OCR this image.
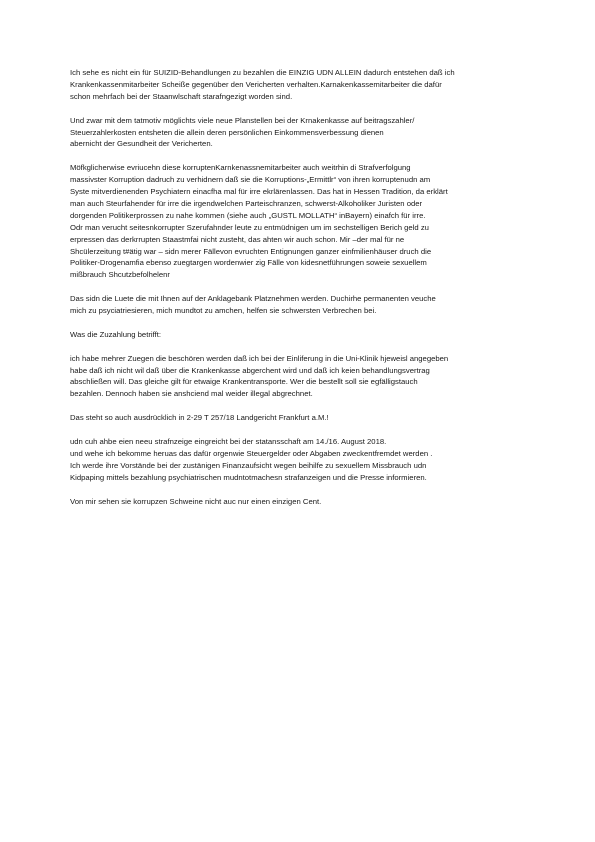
Ich sehe es nicht ein für SUIZID-Behandlungen zu bezahlen die EINZIG UDN ALLEIN dadurch entstehen daß ich
Krankenkassenmitarbeiter Scheiße gegenüber den Vericherten verhalten.Karnakenkassemitarbeiter die dafür
schon mehrfach bei der Staanwlschaft starafngezigt worden sind.

Und zwar mit dem tatmotiv möglichts viele neue Planstellen bei der Krnakenkasse auf beitragszahler/
Steuerzahlerkosten entsheten die allein deren persönlichen Einkommensverbessung dienen
abernicht der Gesundheit der Vericherten.

Möfkglicherwise evriucehn diese korruptenKarnkenassnemitarbeiter auch weitrhin di Strafverfolgung
massivster Korruption dadruch zu verhidnern daß sie die Korruptions-„Ermittlr“ von ihren korruptenudn am
Syste mitverdienenden Psychiatern einacfha mal für irre ekrlärenlassen. Das hat in Hessen Tradition, da erklärt
man auch Steurfahender für irre die irgendwelchen Parteischranzen, schwerst-Alkoholiker Juristen oder
dorgenden Politikerprossen zu nahe kommen (siehe auch „GUSTL MOLLATH“ inBayern) einafch für irre.
Odr man verucht seitesnkorrupter Szerufahnder leute zu entmüdnigen um im sechstelligen Berich geld zu
erpressen das derkrrupten Staastmfai nicht zusteht, das ahten wir auch schon. Mir –der mal für ne
Shcülerzeitung t#ätig war – sidn merer Fällevon evruchten Entignungen ganzer einfmilienhäuser druch die
Politiker-Drogenamfia ebenso zuegtargen wordenwier zig Fälle von kidesnetführungen soweie sexuellem
mißbrauch Shcutzbefolhelenr

Das sidn die Luete die mit Ihnen auf der Anklagebank Platznehmen werden. Duchirhe permanenten veuche
mich zu psyciatriesieren, mich mundtot zu amchen, helfen sie schwersten Verbrechen bei.

Was die Zuzahlung betrifft:

ich habe mehrer Zuegen die beschören werden daß ich bei der Einliferung in die Uni-Klinik hjeweisl angegeben
habe daß ich nicht wil daß über die Krankenkasse abgerchent wird und daß ich keien behandlungsvertrag
abschließen will. Das gleiche gilt für etwaige Krankentransporte. Wer die bestellt soll sie egfälligstauch
bezahlen. Dennoch haben sie anshciend mal weider illegal abgrechnet.

Das steht so auch ausdrücklich in 2-29 T 257/18 Landgericht Frankfurt a.M.!

udn cuh ahbe eien neeu strafnzeige eingreicht bei der statansschaft am 14./16. August 2018.
und wehe ich bekomme heruas das dafür orgenwie Steuergelder oder Abgaben zweckentfremdet werden .
Ich werde ihre Vorstände bei der zustänigen Finanzaufsicht wegen beihilfe zu sexuellem Missbrauch udn
Kidpaping mittels bezahlung psychiatrischen mudntotmachesn strafanzeigen und die Presse informieren.

Von mir sehen sie korrupzen Schweine nicht auc nur einen einzigen Cent.
